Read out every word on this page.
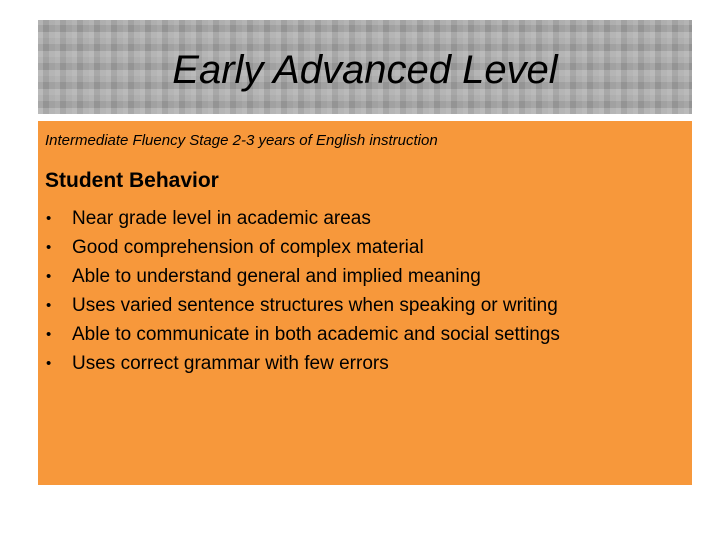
Early Advanced Level
Intermediate Fluency Stage 2-3 years of English instruction
Student Behavior
• Near grade level in academic areas
• Good comprehension of complex material
• Able to understand general and implied meaning
• Uses varied sentence structures when speaking or writing
• Able to communicate in both academic and social settings
• Uses correct grammar with few errors
